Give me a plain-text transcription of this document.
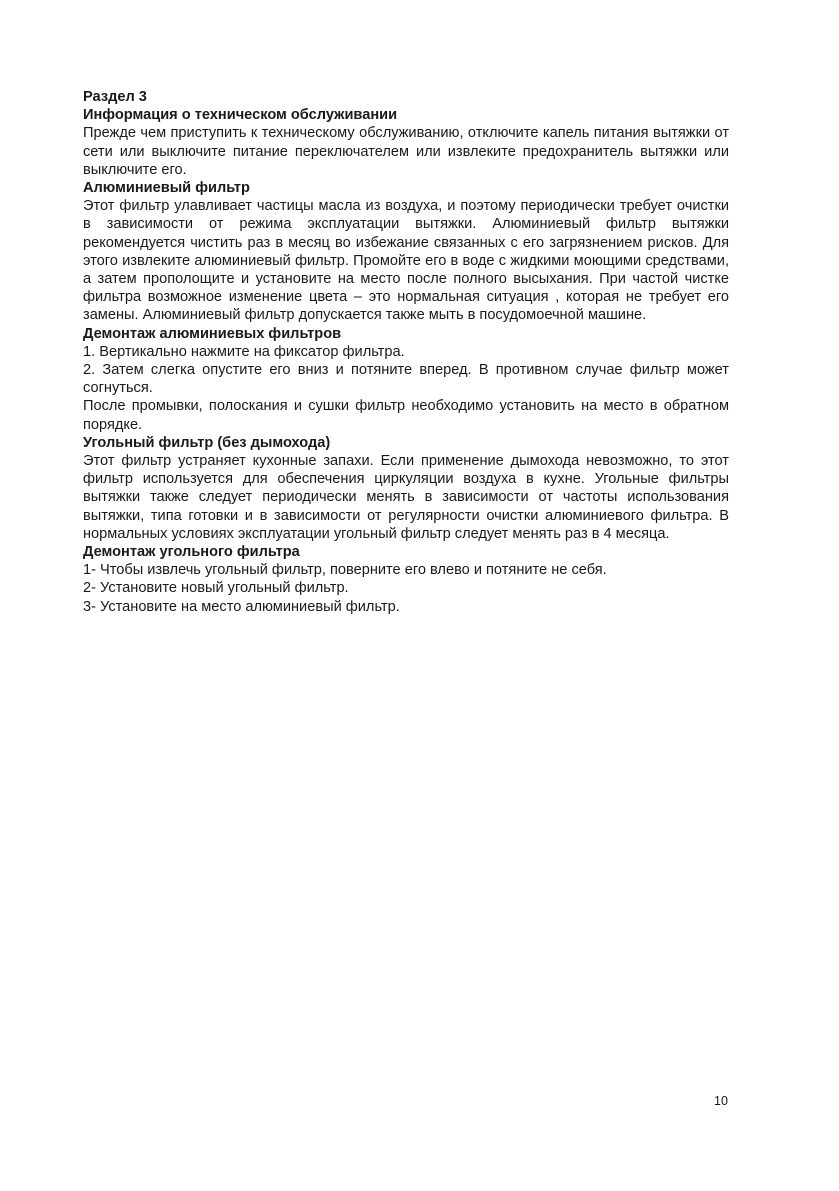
Раздел 3

Информация о техническом обслуживании

Прежде чем приступить к техническому обслуживанию, отключите капель питания вытяжки от сети или выключите питание переключателем или извлеките предохранитель вытяжки или выключите его.

Алюминиевый фильтр

Этот фильтр улавливает частицы масла из воздуха, и поэтому периодически требует очистки в зависимости от режима эксплуатации вытяжки. Алюминиевый фильтр вытяжки рекомендуется чистить раз в месяц во избежание связанных с его загрязнением рисков. Для этого извлеките алюминиевый фильтр. Промойте его в воде с жидкими моющими средствами, а затем прополощите и установите на место после полного высыхания. При частой чистке фильтра возможное изменение цвета – это нормальная ситуация , которая не требует его замены. Алюминиевый фильтр допускается также мыть в посудомоечной машине.

Демонтаж алюминиевых фильтров

1. Вертикально нажмите на фиксатор фильтра.

2. Затем слегка опустите его вниз и потяните вперед. В противном случае фильтр может согнуться.

После промывки, полоскания и сушки фильтр необходимо установить на место в обратном порядке.

Угольный фильтр (без дымохода)

Этот фильтр устраняет кухонные запахи. Если применение дымохода невозможно, то этот фильтр используется для обеспечения циркуляции воздуха в кухне. Угольные фильтры вытяжки также следует периодически менять в зависимости от частоты использования вытяжки, типа готовки и в зависимости от регулярности очистки алюминиевого фильтра. В нормальных условиях эксплуатации угольный фильтр следует менять раз в 4 месяца.

Демонтаж угольного фильтра

1- Чтобы извлечь угольный фильтр, поверните его влево и потяните не себя.

2- Установите новый угольный фильтр.

3- Установите на место алюминиевый фильтр.

10
